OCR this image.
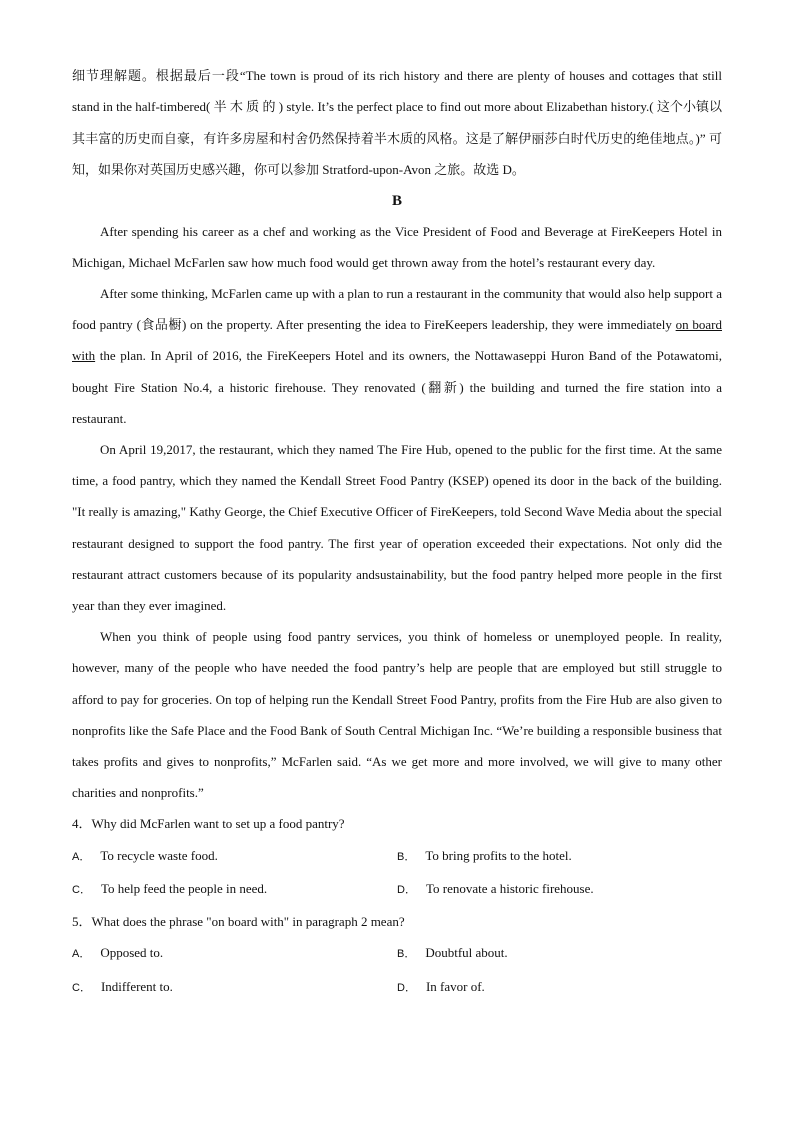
细节理解题。根据最后一段“The town is proud of its rich history and there are plenty of houses and cottages that still stand in the half-timbered( 半 木 质 的 ) style. It’s the perfect place to find out more about Elizabethan history.( 这个小镇以其丰富的历史而自豪，有许多房屋和村舍仍然保持着半木质的风格。这是了解伊丽莎白时代历史的绝佳地点。)” 可知，如果你对英国历史感兴趣，你可以参加 Stratford-upon-Avon 之旅。故选 D。

B

After spending his career as a chef and working as the Vice President of Food and Beverage at FireKeepers Hotel in Michigan, Michael McFarlen saw how much food would get thrown away from the hotel’s restaurant every day.

After some thinking, McFarlen came up with a plan to run a restaurant in the community that would also help support a food pantry (食品橱) on the property. After presenting the idea to FireKeepers leadership, they were immediately on board with the plan. In April of 2016, the FireKeepers Hotel and its owners, the Nottawaseppi Huron Band of the Potawatomi, bought Fire Station No.4, a historic firehouse. They renovated (翻新) the building and turned the fire station into a restaurant.

On April 19,2017, the restaurant, which they named The Fire Hub, opened to the public for the first time. At the same time, a food pantry, which they named the Kendall Street Food Pantry (KSEP) opened its door in the back of the building. "It really is amazing," Kathy George, the Chief Executive Officer of FireKeepers, told Second Wave Media about the special restaurant designed to support the food pantry. The first year of operation exceeded their expectations. Not only did the restaurant attract customers because of its popularity andsustainability, but the food pantry helped more people in the first year than they ever imagined.

When you think of people using food pantry services, you think of homeless or unemployed people. In reality, however, many of the people who have needed the food pantry’s help are people that are employed but still struggle to afford to pay for groceries. On top of helping run the Kendall Street Food Pantry, profits from the Fire Hub are also given to nonprofits like the Safe Place and the Food Bank of South Central Michigan Inc. “We’re building a responsible business that takes profits and gives to nonprofits,” McFarlen said. “As we get more and more involved, we will give to many other charities and nonprofits.”

4．Why did McFarlen want to set up a food pantry?

A． To recycle waste food.	B． To bring profits to the hotel.
C． To help feed the people in need.	D． To renovate a historic firehouse.

5．What does the phrase "on board with" in paragraph 2 mean?

A． Opposed to.	B． Doubtful about.
C． Indifferent to.	D． In favor of.
